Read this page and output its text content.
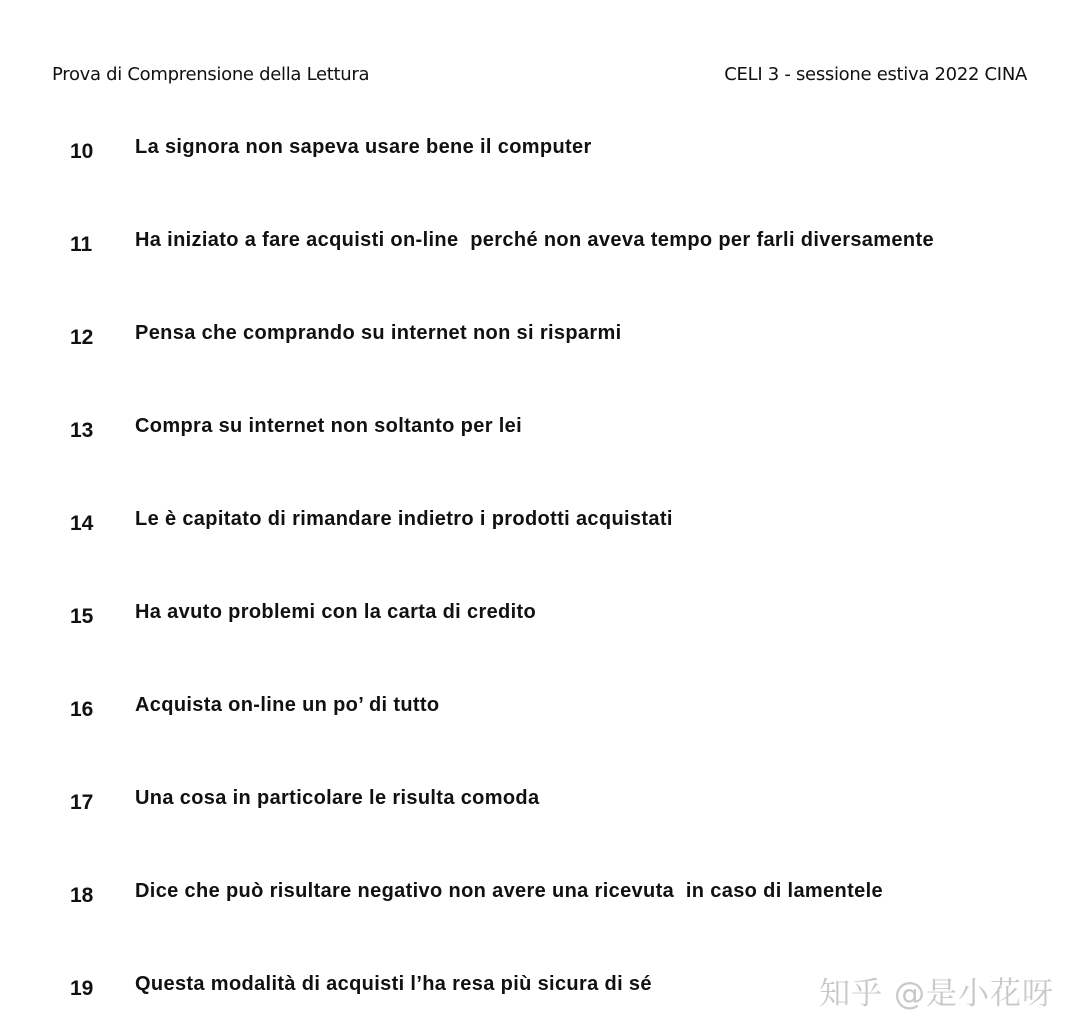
Prova di Comprensione della Lettura	CELI 3 - sessione estiva 2022 CINA
10 La signora non sapeva usare bene il computer
11 Ha iniziato a fare acquisti on-line  perché non aveva tempo per farli diversamente
12 Pensa che comprando su internet non si risparmi
13 Compra su internet non soltanto per lei
14 Le è capitato di rimandare indietro i prodotti acquistati
15 Ha avuto problemi con la carta di credito
16 Acquista on-line un po’ di tutto
17 Una cosa in particolare le risulta comoda
18 Dice che può risultare negativo non avere una ricevuta  in caso di lamentele
19 Questa modalità di acquisti l’ha resa più sicura di sé	知乎 @是小花呀
